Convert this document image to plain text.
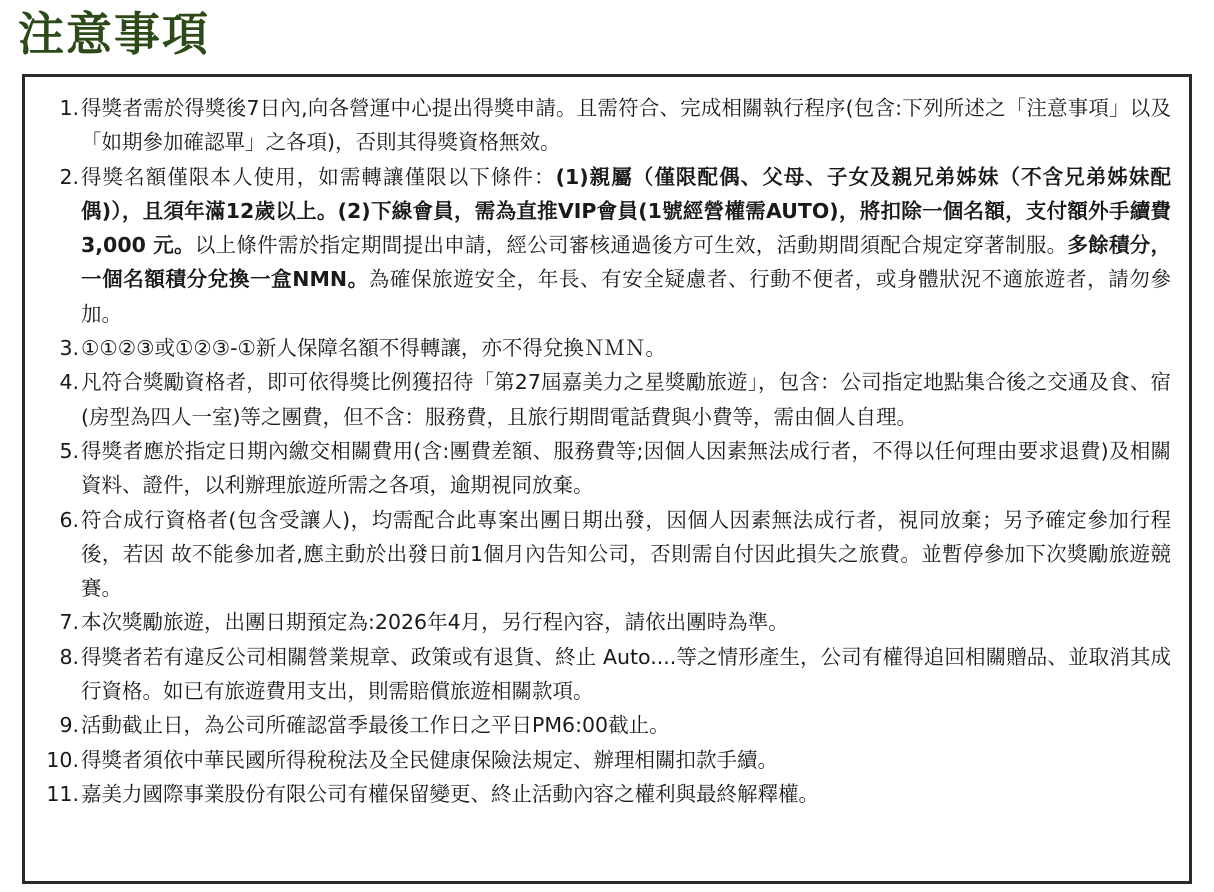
注意事項
1. 得獎者需於得獎後7日內,向各營運中心提出得獎申請。且需符合、完成相關執行程序(包含:下列所述之「注意事項」以及 「如期參加確認單」之各項)，否則其得獎資格無效。
2. 得獎名額僅限本人使用，如需轉讓僅限以下條件：(1)親屬（僅限配偶、父母、子女及親兄弟姊妹（不含兄弟姊妹配偶)），且須年滿12歲以上。(2)下線會員，需為直推VIP會員(1號經營權需AUTO)，將扣除一個名額，支付額外手續費 3,000 元。以上條件需於指定期間提出申請，經公司審核通過後方可生效，活動期間須配合規定穿著制服。多餘積分，一個名額積分兌換一盒NMN。為確保旅遊安全，年長、有安全疑慮者、行動不便者，或身體狀況不適旅遊者，請勿參加。
3. ①①②③或①②③-①新人保障名額不得轉讓，亦不得兌換ＮＭＮ。
4. 凡符合獎勵資格者，即可依得獎比例獲招待「第27屆嘉美力之星獎勵旅遊」，包含：公司指定地點集合後之交通及食、宿(房型為四人一室)等之團費，但不含：服務費，且旅行期間電話費與小費等，需由個人自理。
5. 得獎者應於指定日期內繳交相關費用(含:團費差額、服務費等;因個人因素無法成行者，不得以任何理由要求退費)及相關資料、證件，以利辦理旅遊所需之各項，逾期視同放棄。
6. 符合成行資格者(包含受讓人)，均需配合此專案出團日期出發，因個人因素無法成行者，視同放棄；另予確定參加行程後，若因 故不能參加者,應主動於出發日前1個月內告知公司，否則需自付因此損失之旅費。並暫停參加下次獎勵旅遊競賽。
7. 本次獎勵旅遊，出團日期預定為:2026年4月，另行程內容，請依出團時為準。
8. 得獎者若有違反公司相關營業規章、政策或有退貨、終止 Auto....等之情形產生，公司有權得追回相關贈品、並取消其成行資格。如已有旅遊費用支出，則需賠償旅遊相關款項。
9. 活動截止日，為公司所確認當季最後工作日之平日PM6:00截止。
10. 得獎者須依中華民國所得稅稅法及全民健康保險法規定、辦理相關扣款手續。
11. 嘉美力國際事業股份有限公司有權保留變更、終止活動內容之權利與最終解釋權。
